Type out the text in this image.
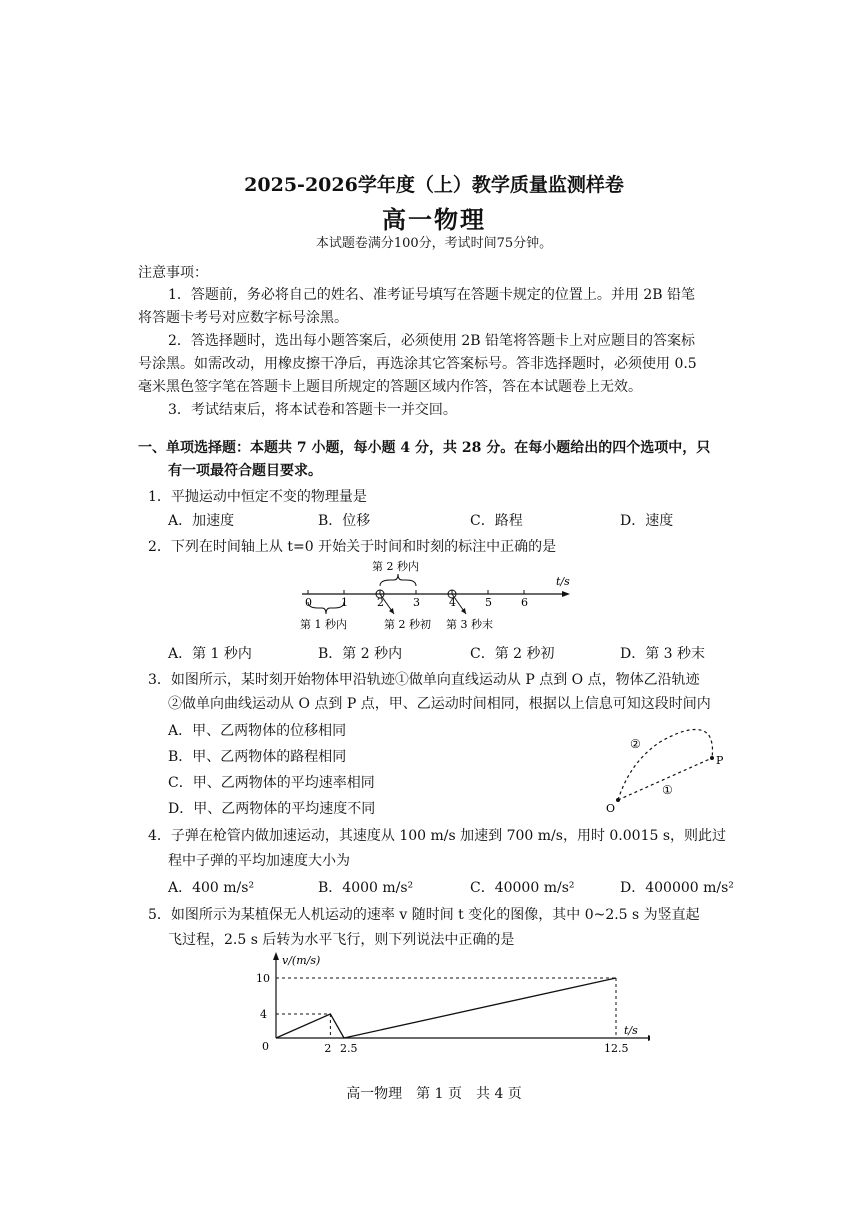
2025-2026学年度（上）教学质量监测样卷
高一物理
本试题卷满分100分，考试时间75分钟。
注意事项：
1．答题前，务必将自己的姓名、准考证号填写在答题卡规定的位置上。并用 2B 铅笔
将答题卡考号对应数字标号涂黑。
2．答选择题时，选出每小题答案后，必须使用 2B 铅笔将答题卡上对应题目的答案标
号涂黑。如需改动，用橡皮擦干净后，再选涂其它答案标号。答非选择题时，必须使用 0.5
毫米黑色签字笔在答题卡上题目所规定的答题区域内作答，答在本试题卷上无效。
3．考试结束后，将本试卷和答题卡一并交回。
一、单项选择题：本题共 7 小题，每小题 4 分，共 28 分。在每小题给出的四个选项中，只
有一项最符合题目要求。
1．平抛运动中恒定不变的物理量是
A．加速度	B．位移	C．路程	D．速度
2．下列在时间轴上从 t=0 开始关于时间和时刻的标注中正确的是
t/s
0	1	2	3	4	5	6
第 2 秒内
第 1 秒内	第 2 秒初 第 3 秒末
A．第 1 秒内	B．第 2 秒内	C．第 2 秒初	D．第 3 秒末
3．如图所示，某时刻开始物体甲沿轨迹①做单向直线运动从 P 点到 O 点，物体乙沿轨迹
②做单向曲线运动从 O 点到 P 点，甲、乙运动时间相同，根据以上信息可知这段时间内
A．甲、乙两物体的位移相同
B．甲、乙两物体的路程相同
C．甲、乙两物体的平均速率相同
D．甲、乙两物体的平均速度不同	O
P
①
②
4．子弹在枪管内做加速运动，其速度从 100 m/s 加速到 700 m/s，用时 0.0015 s，则此过
程中子弹的平均加速度大小为
A．400 m/s²	B．4000 m/s²	C．40000 m/s²	D．400000 m/s²
5．如图所示为某植保无人机运动的速率 v 随时间 t 变化的图像，其中 0~2.5 s 为竖直起
飞过程，2.5 s 后转为水平飞行，则下列说法中正确的是
v/(m/s)
t/s
4
10
0	2 2.5	12.5
高一物理　第 1 页　共 4 页
